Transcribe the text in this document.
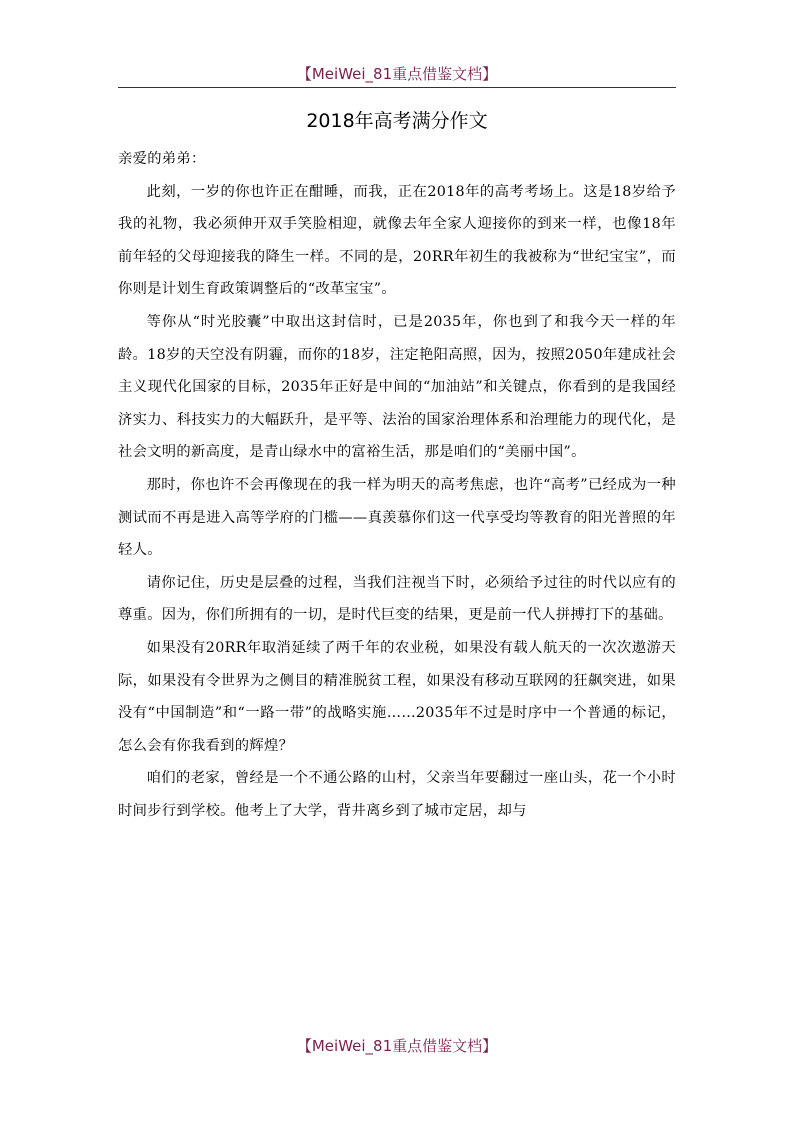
【MeiWei_81重点借鉴文档】
2018年高考满分作文

亲爱的弟弟：

此刻，一岁的你也许正在酣睡，而我，正在2018年的高考考场上。这是18岁给予我的礼物，我必须伸开双手笑脸相迎，就像去年全家人迎接你的到来一样，也像18年前年轻的父母迎接我的降生一样。不同的是，20RR年初生的我被称为“世纪宝宝”，而你则是计划生育政策调整后的“改革宝宝”。

等你从“时光胶囊”中取出这封信时，已是2035年，你也到了和我今天一样的年龄。18岁的天空没有阴霾，而你的18岁，注定艳阳高照，因为，按照2050年建成社会主义现代化国家的目标，2035年正好是中间的“加油站”和关键点，你看到的是我国经济实力、科技实力的大幅跃升，是平等、法治的国家治理体系和治理能力的现代化，是社会文明的新高度，是青山绿水中的富裕生活，那是咱们的“美丽中国”。

那时，你也许不会再像现在的我一样为明天的高考焦虑，也许“高考”已经成为一种测试而不再是进入高等学府的门槛——真羡慕你们这一代享受均等教育的阳光普照的年轻人。

请你记住，历史是层叠的过程，当我们注视当下时，必须给予过往的时代以应有的尊重。因为，你们所拥有的一切，是时代巨变的结果，更是前一代人拼搏打下的基础。

如果没有20RR年取消延续了两千年的农业税，如果没有载人航天的一次次遨游天际，如果没有令世界为之侧目的精准脱贫工程，如果没有移动互联网的狂飙突进，如果没有“中国制造”和“一路一带”的战略实施……2035年不过是时序中一个普通的标记，怎么会有你我看到的辉煌？

咱们的老家，曾经是一个不通公路的山村，父亲当年要翻过一座山头，花一个小时时间步行到学校。他考上了大学，背井离乡到了城市定居，却与

【MeiWei_81重点借鉴文档】
